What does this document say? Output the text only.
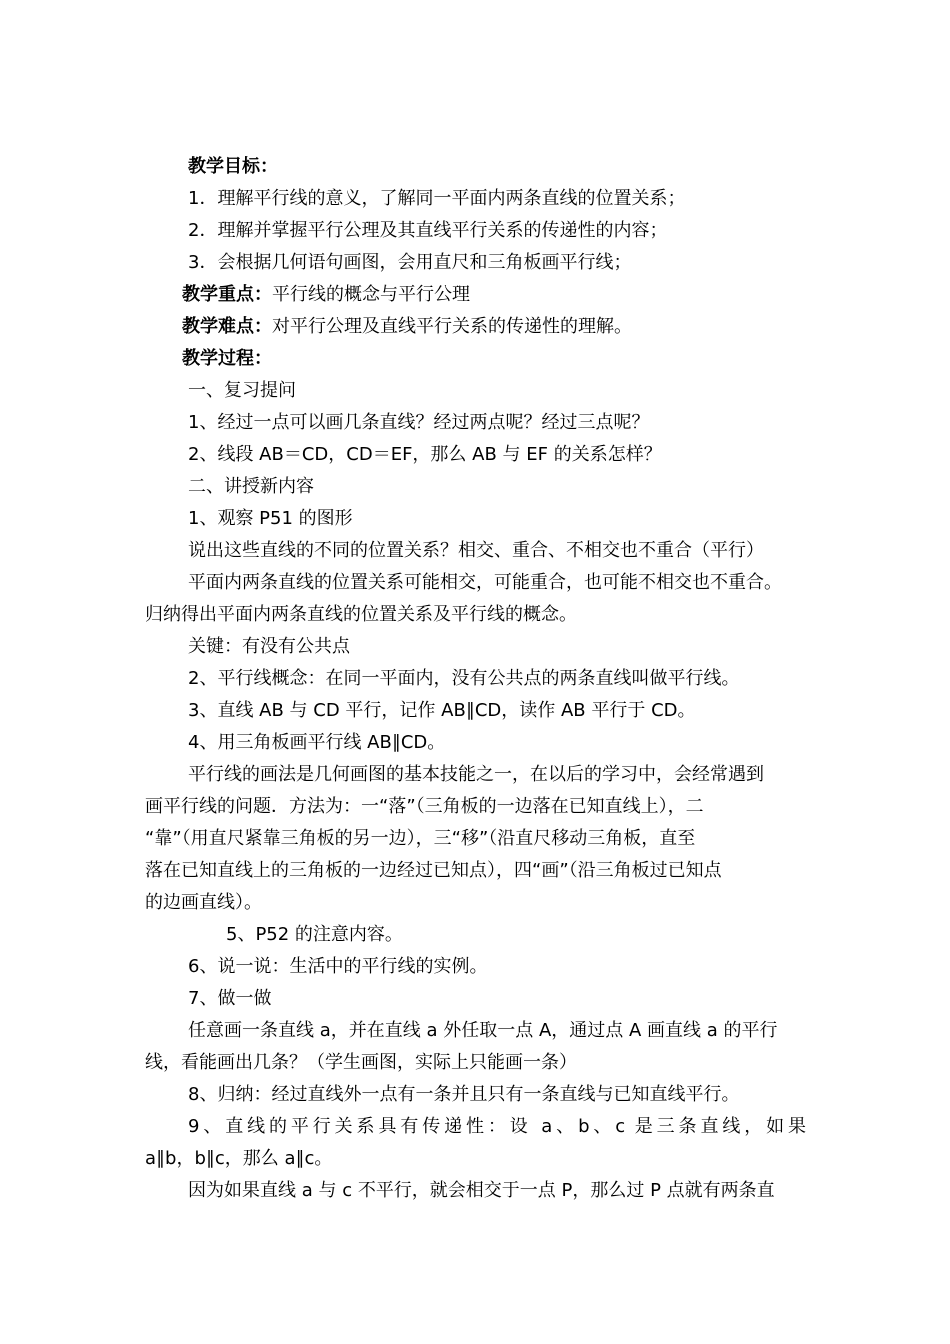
教学目标：
1．理解平行线的意义，了解同一平面内两条直线的位置关系；
2．理解并掌握平行公理及其直线平行关系的传递性的内容；
3．会根据几何语句画图，会用直尺和三角板画平行线；
教学重点：平行线的概念与平行公理
教学难点：对平行公理及直线平行关系的传递性的理解。
教学过程：
一、复习提问
1、经过一点可以画几条直线？经过两点呢？经过三点呢？
2、线段 AB＝CD，CD＝EF，那么 AB 与 EF 的关系怎样？
二、讲授新内容
1、观察 P51 的图形
说出这些直线的不同的位置关系？相交、重合、不相交也不重合（平行）
平面内两条直线的位置关系可能相交，可能重合，也可能不相交也不重合。
归纳得出平面内两条直线的位置关系及平行线的概念。
关键：有没有公共点
2、平行线概念：在同一平面内，没有公共点的两条直线叫做平行线。
3、直线 AB 与 CD 平行，记作 AB∥CD，读作 AB 平行于 CD。
4、用三角板画平行线 AB∥CD。
平行线的画法是几何画图的基本技能之一，在以后的学习中，会经常遇到
画平行线的问题．方法为：一“落”（三角板的一边落在已知直线上），二
“靠”（用直尺紧靠三角板的另一边），三“移”（沿直尺移动三角板，直至
落在已知直线上的三角板的一边经过已知点），四“画”（沿三角板过已知点
的边画直线）。
5、P52 的注意内容。
6、说一说：生活中的平行线的实例。
7、做一做
任意画一条直线 a，并在直线 a 外任取一点 A，通过点 A 画直线 a 的平行
线，看能画出几条？（学生画图，实际上只能画一条）
8、归纳：经过直线外一点有一条并且只有一条直线与已知直线平行。
9、直线的平行关系具有传递性：设 a、b、c 是三条直线，如果
a∥b，b∥c，那么 a∥c。
因为如果直线 a 与 c 不平行，就会相交于一点 P，那么过 P 点就有两条直
